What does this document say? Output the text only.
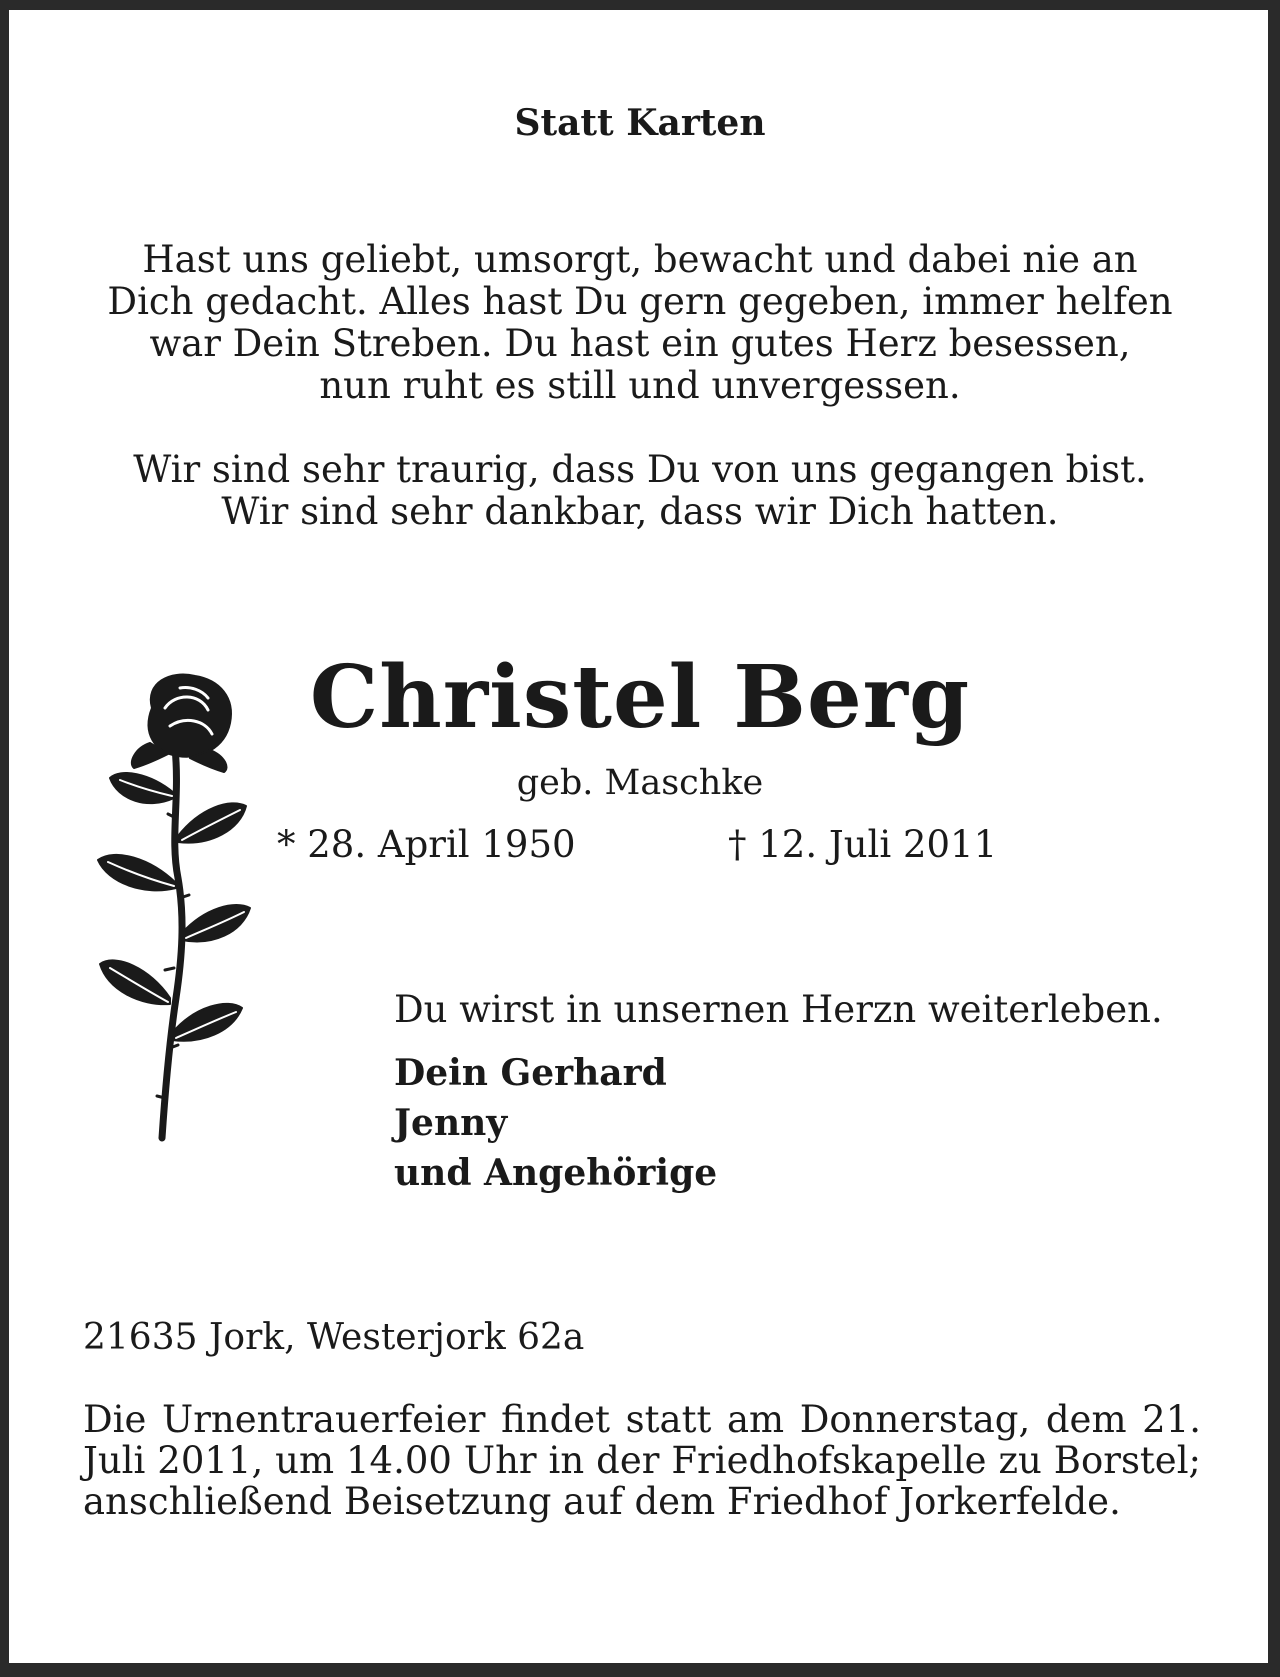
Statt Karten
Hast uns geliebt, umsorgt, bewacht und dabei nie an
Dich gedacht. Alles hast Du gern gegeben, immer helfen
war Dein Streben. Du hast ein gutes Herz besessen,
nun ruht es still und unvergessen.
Wir sind sehr traurig, dass Du von uns gegangen bist.
Wir sind sehr dankbar, dass wir Dich hatten.
Christel Berg
geb. Maschke
* 28. April 1950	† 12. Juli 2011
Du wirst in unsernen Herzn weiterleben.
Dein Gerhard
Jenny
und Angehörige
21635 Jork, Westerjork 62a

Die Urnentrauerfeier findet statt am Donnerstag, dem 21. Juli 2011, um 14.00 Uhr in der Friedhofskapelle zu Borstel; anschließend Beisetzung auf dem Friedhof Jorkerfelde.
